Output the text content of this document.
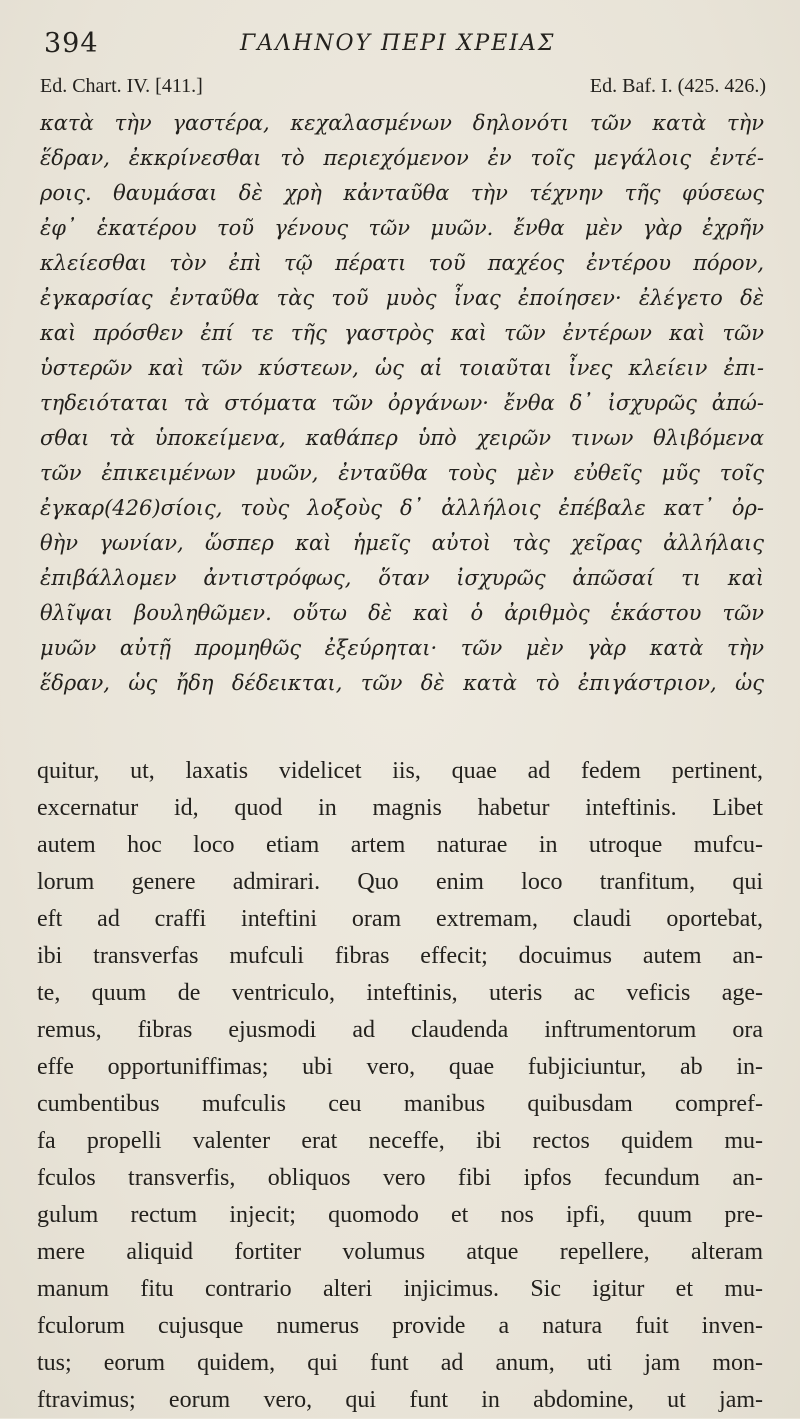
394	ΓΑΛΗΝΟΥ ΠΕΡΙ ΧΡΕΙΑΣ
Ed. Chart. IV. [411.]	Ed. Baf. I. (425. 426.)
κατὰ τὴν γαστέρα, κεχαλασμένων δηλονότι τῶν κατὰ τὴν
ἕδραν, ἐκκρίνεσθαι τὸ περιεχόμενον ἐν τοῖς μεγάλοις ἐντέ-
ροις. θαυμάσαι δὲ χρὴ κἀνταῦθα τὴν τέχνην τῆς φύσεως
ἐφ᾽ ἑκατέρου τοῦ γένους τῶν μυῶν. ἔνθα μὲν γὰρ ἐχρῆν
κλείεσθαι τὸν ἐπὶ τῷ πέρατι τοῦ παχέος ἐντέρου πόρον,
ἐγκαρσίας ἐνταῦθα τὰς τοῦ μυὸς ἶνας ἐποίησεν· ἐλέγετο δὲ
καὶ πρόσθεν ἐπί τε τῆς γαστρὸς καὶ τῶν ἐντέρων καὶ τῶν
ὑστερῶν καὶ τῶν κύστεων, ὡς αἱ τοιαῦται ἶνες κλείειν ἐπι-
τηδειόταται τὰ στόματα τῶν ὀργάνων· ἔνθα δ᾽ ἰσχυρῶς ἀπώ-
σθαι τὰ ὑποκείμενα, καθάπερ ὑπὸ χειρῶν τινων θλιβόμενα
τῶν ἐπικειμένων μυῶν, ἐνταῦθα τοὺς μὲν εὐθεῖς μῦς τοῖς
ἐγκαρ(426)σίοις, τοὺς λοξοὺς δ᾽ ἀλλήλοις ἐπέβαλε κατ᾽ ὀρ-
θὴν γωνίαν, ὥσπερ καὶ ἡμεῖς αὐτοὶ τὰς χεῖρας ἀλλήλαις
ἐπιβάλλομεν ἀντιστρόφως, ὅταν ἰσχυρῶς ἀπῶσαί τι καὶ
θλῖψαι βουληθῶμεν. οὕτω δὲ καὶ ὁ ἀριθμὸς ἑκάστου τῶν
μυῶν αὐτῇ προμηθῶς ἐξεύρηται· τῶν μὲν γὰρ κατὰ τὴν
ἕδραν, ὡς ἤδη δέδεικται, τῶν δὲ κατὰ τὸ ἐπιγάστριον, ὡς
quitur, ut, laxatis videlicet iis, quae ad fedem pertinent,
excernatur id, quod in magnis habetur inteftinis. Libet
autem hoc loco etiam artem naturae in utroque mufcu-
lorum genere admirari. Quo enim loco tranfitum, qui
eft ad craffi inteftini oram extremam, claudi oportebat,
ibi transverfas mufculi fibras effecit; docuimus autem an-
te, quum de ventriculo, inteftinis, uteris ac veficis age-
remus, fibras ejusmodi ad claudenda inftrumentorum ora
effe opportuniffimas; ubi vero, quae fubjiciuntur, ab in-
cumbentibus mufculis ceu manibus quibusdam compref-
fa propelli valenter erat neceffe, ibi rectos quidem mu-
fculos transverfis, obliquos vero fibi ipfos fecundum an-
gulum rectum injecit; quomodo et nos ipfi, quum pre-
mere aliquid fortiter volumus atque repellere, alteram
manum fitu contrario alteri injicimus. Sic igitur et mu-
fculorum cujusque numerus provide a natura fuit inven-
tus; eorum quidem, qui funt ad anum, uti jam mon-
ftravimus; eorum vero, qui funt in abdomine, ut jam-
